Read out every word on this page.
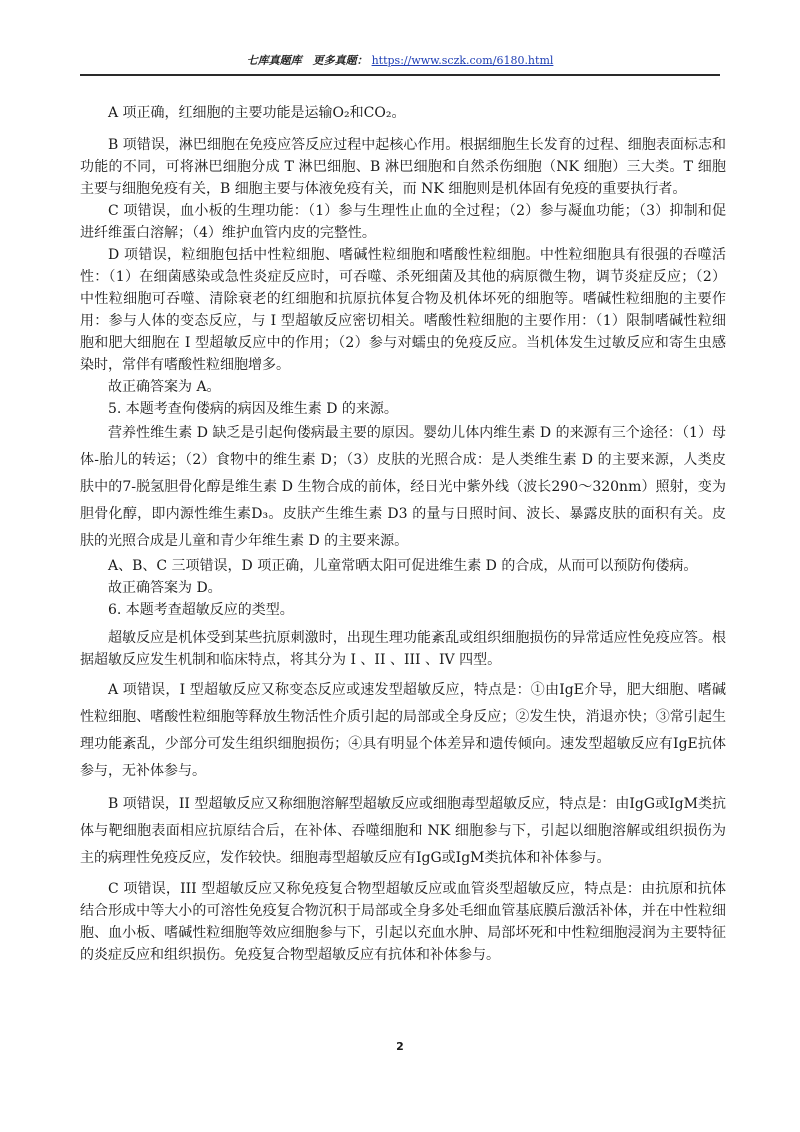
七库真题库　更多真题： https://www.sczk.com/6180.html

A 项正确，红细胞的主要功能是运输O₂和CO₂。

B 项错误，淋巴细胞在免疫应答反应过程中起核心作用。根据细胞生长发育的过程、细胞表面标志和功能的不同，可将淋巴细胞分成 T 淋巴细胞、B 淋巴细胞和自然杀伤细胞（NK 细胞）三大类。T 细胞主要与细胞免疫有关，B 细胞主要与体液免疫有关，而 NK 细胞则是机体固有免疫的重要执行者。

C 项错误，血小板的生理功能：（1）参与生理性止血的全过程；（2）参与凝血功能；（3）抑制和促进纤维蛋白溶解；（4）维护血管内皮的完整性。

D 项错误，粒细胞包括中性粒细胞、嗜碱性粒细胞和嗜酸性粒细胞。中性粒细胞具有很强的吞噬活性：（1）在细菌感染或急性炎症反应时，可吞噬、杀死细菌及其他的病原微生物，调节炎症反应；（2）中性粒细胞可吞噬、清除衰老的红细胞和抗原抗体复合物及机体坏死的细胞等。嗜碱性粒细胞的主要作用：参与人体的变态反应，与 I 型超敏反应密切相关。嗜酸性粒细胞的主要作用：（1）限制嗜碱性粒细胞和肥大细胞在 I 型超敏反应中的作用；（2）参与对蠕虫的免疫反应。当机体发生过敏反应和寄生虫感染时，常伴有嗜酸性粒细胞增多。

故正确答案为 A。

5. 本题考查佝偻病的病因及维生素 D 的来源。

营养性维生素 D 缺乏是引起佝偻病最主要的原因。婴幼儿体内维生素 D 的来源有三个途径：（1）母体-胎儿的转运；（2）食物中的维生素 D；（3）皮肤的光照合成：是人类维生素 D 的主要来源，人类皮肤中的7-脱氢胆骨化醇是维生素 D 生物合成的前体，经日光中紫外线（波长290～320nm）照射，变为胆骨化醇，即内源性维生素D₃。皮肤产生维生素 D3 的量与日照时间、波长、暴露皮肤的面积有关。皮肤的光照合成是儿童和青少年维生素 D 的主要来源。

A、B、C 三项错误，D 项正确，儿童常晒太阳可促进维生素 D 的合成，从而可以预防佝偻病。

故正确答案为 D。

6. 本题考查超敏反应的类型。

超敏反应是机体受到某些抗原刺激时，出现生理功能紊乱或组织细胞损伤的异常适应性免疫应答。根据超敏反应发生机制和临床特点，将其分为 I 、II 、III 、IV 四型。

A 项错误，I 型超敏反应又称变态反应或速发型超敏反应，特点是：①由IgE介导，肥大细胞、嗜碱性粒细胞、嗜酸性粒细胞等释放生物活性介质引起的局部或全身反应；②发生快，消退亦快；③常引起生理功能紊乱，少部分可发生组织细胞损伤；④具有明显个体差异和遗传倾向。速发型超敏反应有IgE抗体参与，无补体参与。

B 项错误，II 型超敏反应又称细胞溶解型超敏反应或细胞毒型超敏反应，特点是：由IgG或IgM类抗体与靶细胞表面相应抗原结合后，在补体、吞噬细胞和 NK 细胞参与下，引起以细胞溶解或组织损伤为主的病理性免疫反应，发作较快。细胞毒型超敏反应有IgG或IgM类抗体和补体参与。

C 项错误，III 型超敏反应又称免疫复合物型超敏反应或血管炎型超敏反应，特点是：由抗原和抗体结合形成中等大小的可溶性免疫复合物沉积于局部或全身多处毛细血管基底膜后激活补体，并在中性粒细胞、血小板、嗜碱性粒细胞等效应细胞参与下，引起以充血水肿、局部坏死和中性粒细胞浸润为主要特征的炎症反应和组织损伤。免疫复合物型超敏反应有抗体和补体参与。

2
